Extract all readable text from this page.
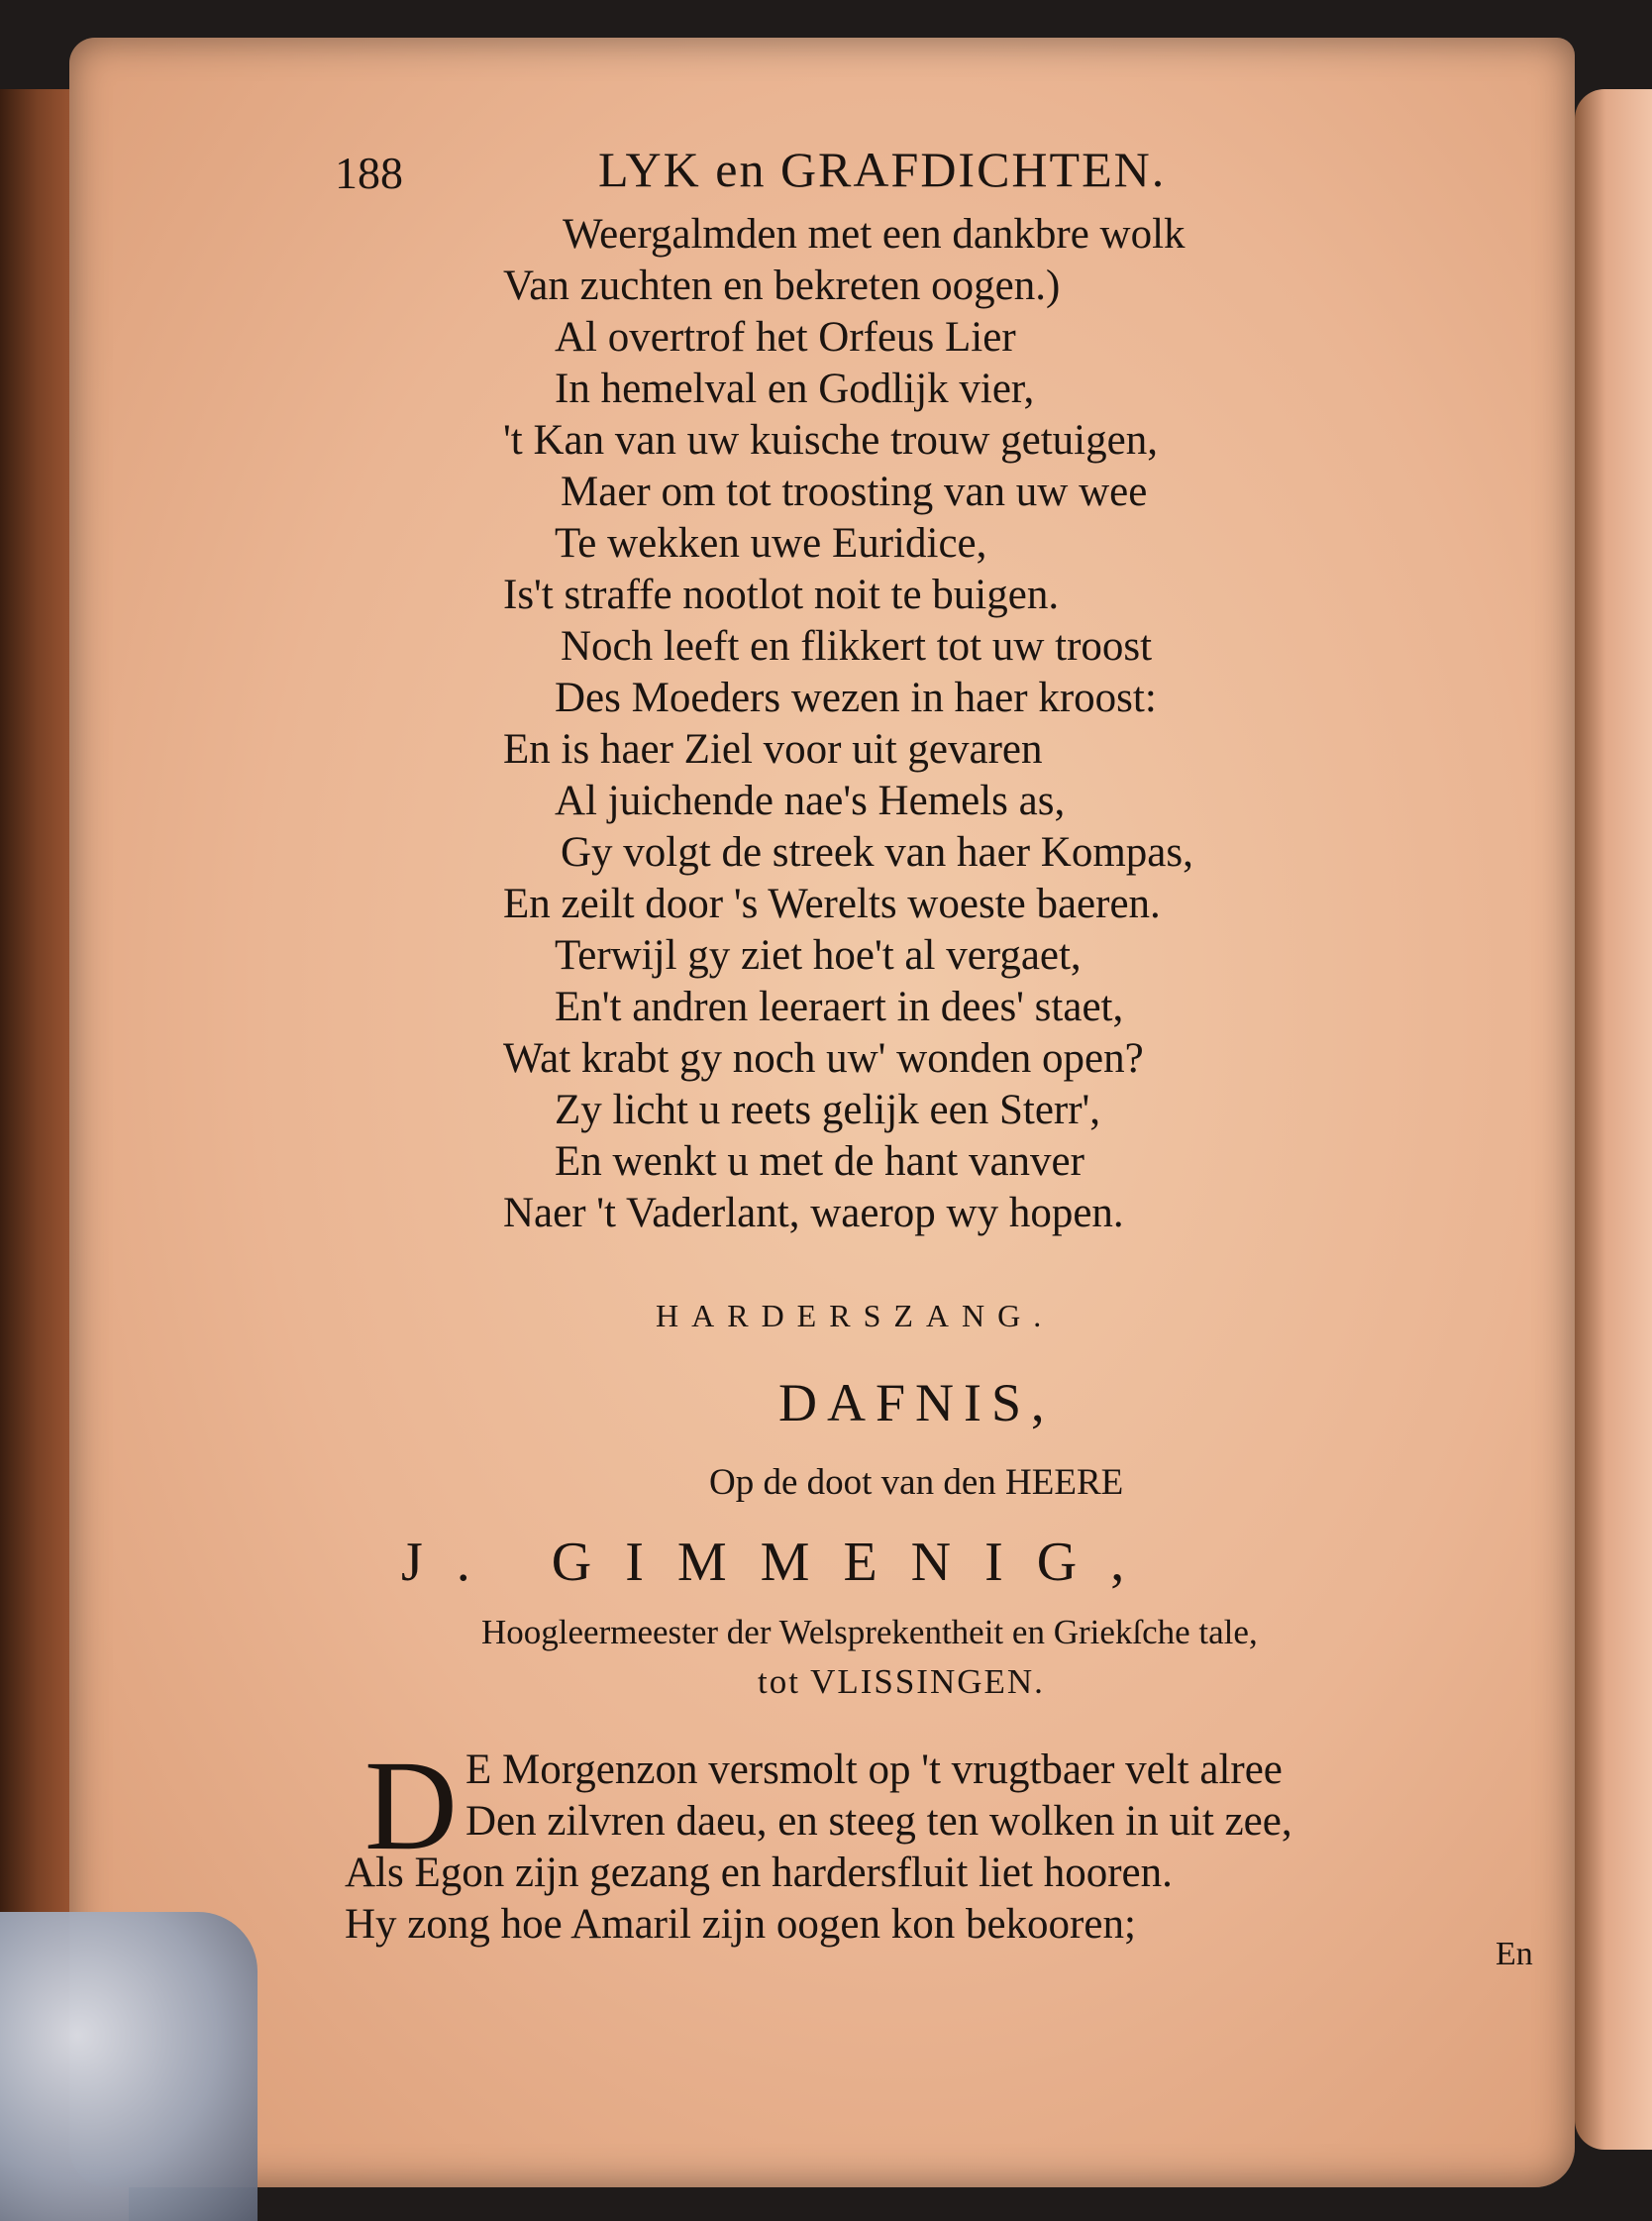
188	LYK en GRAFDICHTEN.
Weergalmden met een dankbre wolk
Van zuchten en bekreten oogen.)
Al overtrof het Orfeus Lier
In hemelval en Godlijk vier,
't Kan van uw kuische trouw getuigen,
Maer om tot troosting van uw wee
Te wekken uwe Euridice,
Is't straffe nootlot noit te buigen.
Noch leeft en flikkert tot uw troost
Des Moeders wezen in haer kroost:
En is haer Ziel voor uit gevaren
Al juichende nae's Hemels as,
Gy volgt de streek van haer Kompas,
En zeilt door 's Werelts woeste baeren.
Terwijl gy ziet hoe't al vergaet,
En't andren leeraert in dees' staet,
Wat krabt gy noch uw' wonden open?
Zy licht u reets gelijk een Sterr',
En wenkt u met de hant vanver
Naer 't Vaderlant, waerop wy hopen.
HARDERSZANG.
DAFNIS,
Op de doot van den HEERE
J. GIMMENIG,
Hoogleermeester der Welsprekentheit en Griekſche tale,
tot VLISSINGEN.
D E Morgenzon versmolt op 't vrugtbaer velt alree
Den zilvren daeu, en steeg ten wolken in uit zee,
Als Egon zijn gezang en hardersfluit liet hooren.
Hy zong hoe Amaril zijn oogen kon bekooren;
En
